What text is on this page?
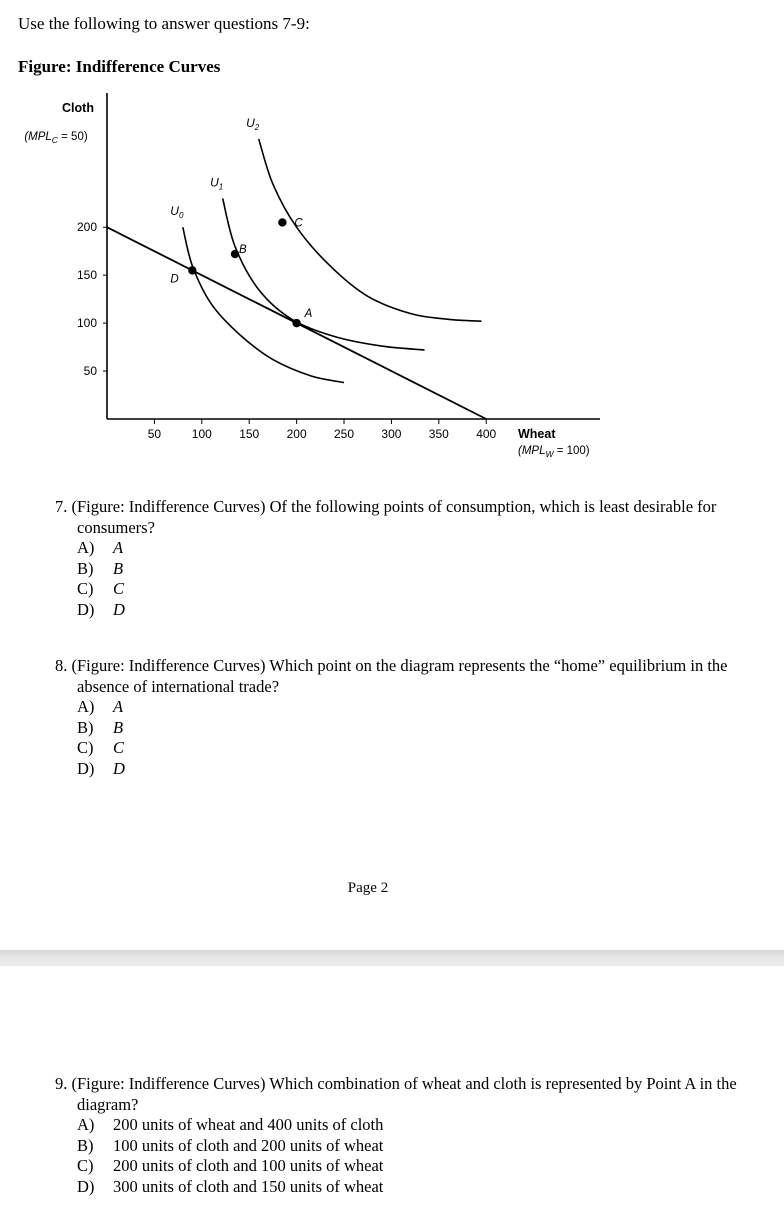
Use the following to answer questions 7-9:
Figure: Indifference Curves
Cloth
$(MPL_C = 50)$
Wheat
$(MPL_W = 100)$
50	100 150 200 250 300 350 400
50
100
150
200
$U_0$
$U_1$
$U_2$
A
B
C
D
7. (Figure: Indifference Curves) Of the following points of consumption, which is least desirable for consumers?
A) A
B) B
C) C
D) D
8. (Figure: Indifference Curves) Which point on the diagram represents the “home” equilibrium in the absence of international trade?
A) A
B) B
C) C
D) D
Page 2
9. (Figure: Indifference Curves) Which combination of wheat and cloth is represented by Point A in the diagram?
A) 200 units of wheat and 400 units of cloth
B) 100 units of cloth and 200 units of wheat
C) 200 units of cloth and 100 units of wheat
D) 300 units of cloth and 150 units of wheat
